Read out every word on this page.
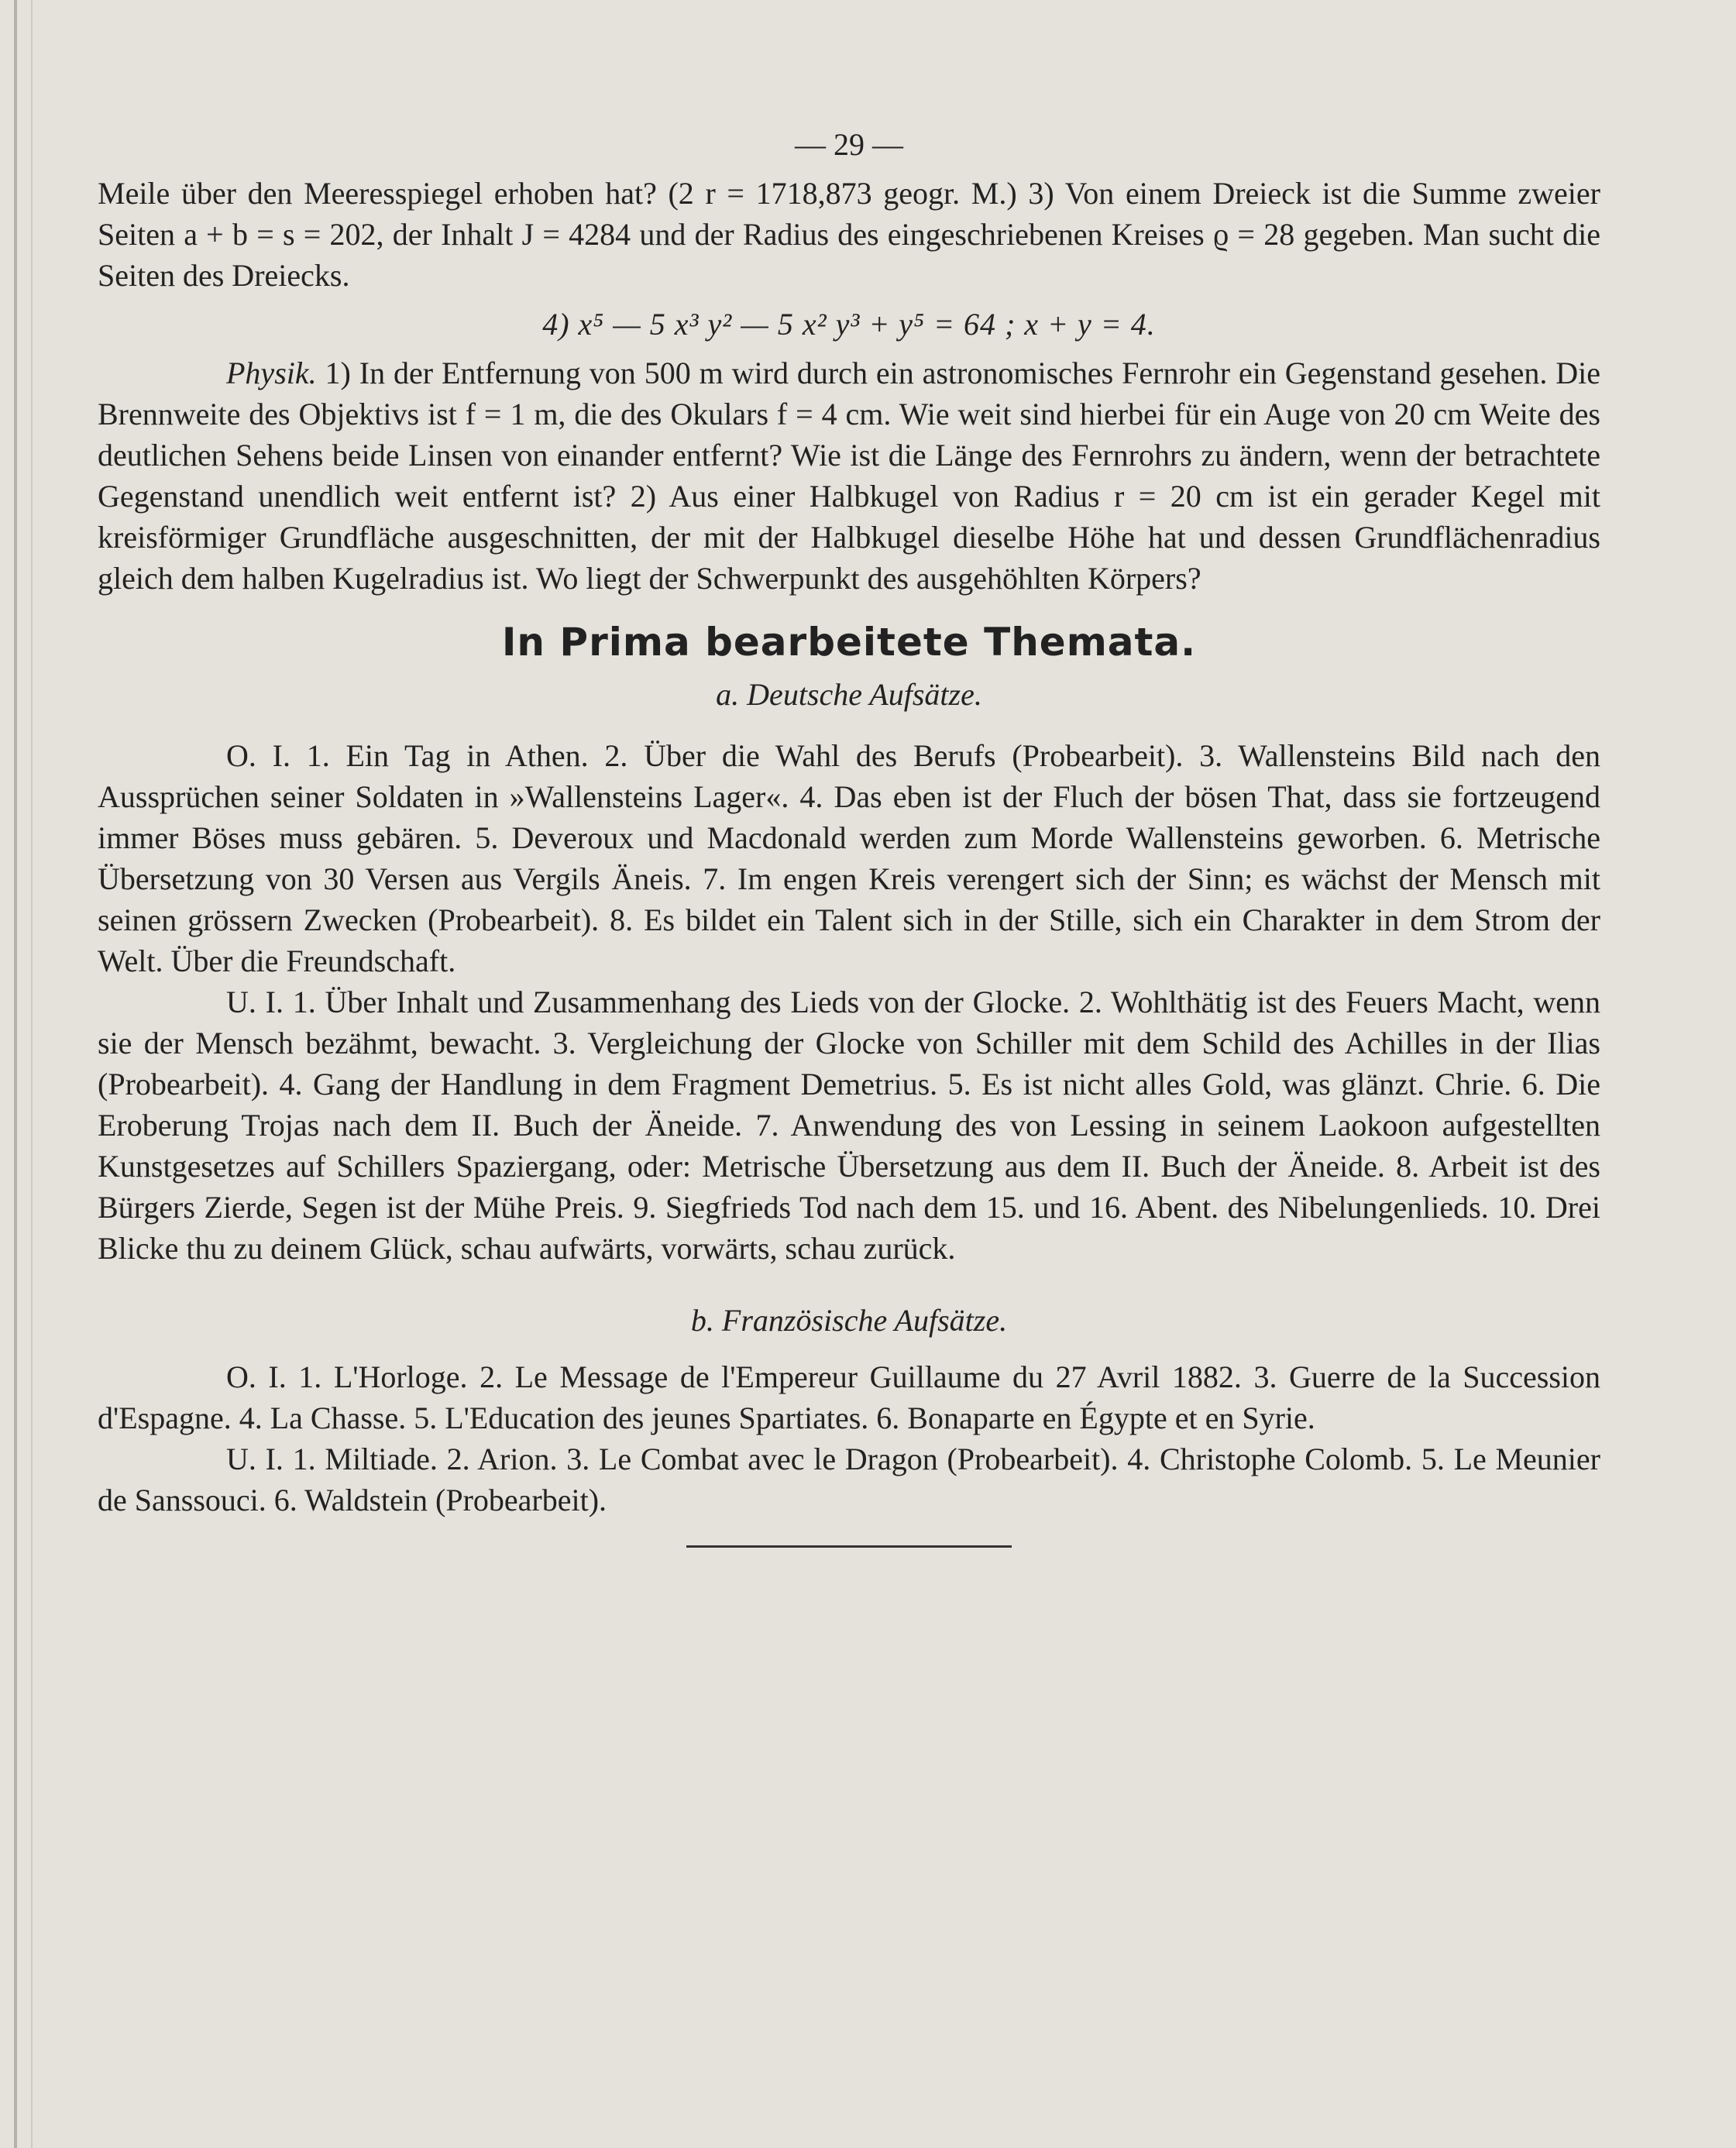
— 29 —

Meile über den Meeresspiegel erhoben hat? (2 r = 1718,873 geogr. M.) 3) Von einem Dreieck ist die Summe zweier Seiten a + b = s = 202, der Inhalt J = 4284 und der Radius des eingeschriebenen Kreises ϱ = 28 gegeben. Man sucht die Seiten des Dreiecks.

4) x⁵ — 5 x³ y² — 5 x² y³ + y⁵ = 64 ; x + y = 4.

Physik. 1) In der Entfernung von 500 m wird durch ein astronomisches Fernrohr ein Gegenstand gesehen. Die Brennweite des Objektivs ist f = 1 m, die des Okulars f = 4 cm. Wie weit sind hierbei für ein Auge von 20 cm Weite des deutlichen Sehens beide Linsen von einander entfernt? Wie ist die Länge des Fernrohrs zu ändern, wenn der betrachtete Gegenstand unendlich weit entfernt ist? 2) Aus einer Halbkugel von Radius r = 20 cm ist ein gerader Kegel mit kreisförmiger Grundfläche ausgeschnitten, der mit der Halbkugel dieselbe Höhe hat und dessen Grundflächenradius gleich dem halben Kugelradius ist. Wo liegt der Schwerpunkt des ausgehöhlten Körpers?

In Prima bearbeitete Themata.
a. Deutsche Aufsätze.

O. I. 1. Ein Tag in Athen. 2. Über die Wahl des Berufs (Probearbeit). 3. Wallensteins Bild nach den Aussprüchen seiner Soldaten in »Wallensteins Lager«. 4. Das eben ist der Fluch der bösen That, dass sie fortzeugend immer Böses muss gebären. 5. Deveroux und Macdonald werden zum Morde Wallensteins geworben. 6. Metrische Übersetzung von 30 Versen aus Vergils Äneis. 7. Im engen Kreis verengert sich der Sinn; es wächst der Mensch mit seinen grössern Zwecken (Probearbeit). 8. Es bildet ein Talent sich in der Stille, sich ein Charakter in dem Strom der Welt. Über die Freundschaft.

U. I. 1. Über Inhalt und Zusammenhang des Lieds von der Glocke. 2. Wohlthätig ist des Feuers Macht, wenn sie der Mensch bezähmt, bewacht. 3. Vergleichung der Glocke von Schiller mit dem Schild des Achilles in der Ilias (Probearbeit). 4. Gang der Handlung in dem Fragment Demetrius. 5. Es ist nicht alles Gold, was glänzt. Chrie. 6. Die Eroberung Trojas nach dem II. Buch der Äneide. 7. Anwendung des von Lessing in seinem Laokoon aufgestellten Kunstgesetzes auf Schillers Spaziergang, oder: Metrische Übersetzung aus dem II. Buch der Äneide. 8. Arbeit ist des Bürgers Zierde, Segen ist der Mühe Preis. 9. Siegfrieds Tod nach dem 15. und 16. Abent. des Nibelungenlieds. 10. Drei Blicke thu zu deinem Glück, schau aufwärts, vorwärts, schau zurück.

b. Französische Aufsätze.

O. I. 1. L'Horloge. 2. Le Message de l'Empereur Guillaume du 27 Avril 1882. 3. Guerre de la Succession d'Espagne. 4. La Chasse. 5. L'Education des jeunes Spartiates. 6. Bonaparte en Égypte et en Syrie.

U. I. 1. Miltiade. 2. Arion. 3. Le Combat avec le Dragon (Probearbeit). 4. Christophe Colomb. 5. Le Meunier de Sanssouci. 6. Waldstein (Probearbeit).
